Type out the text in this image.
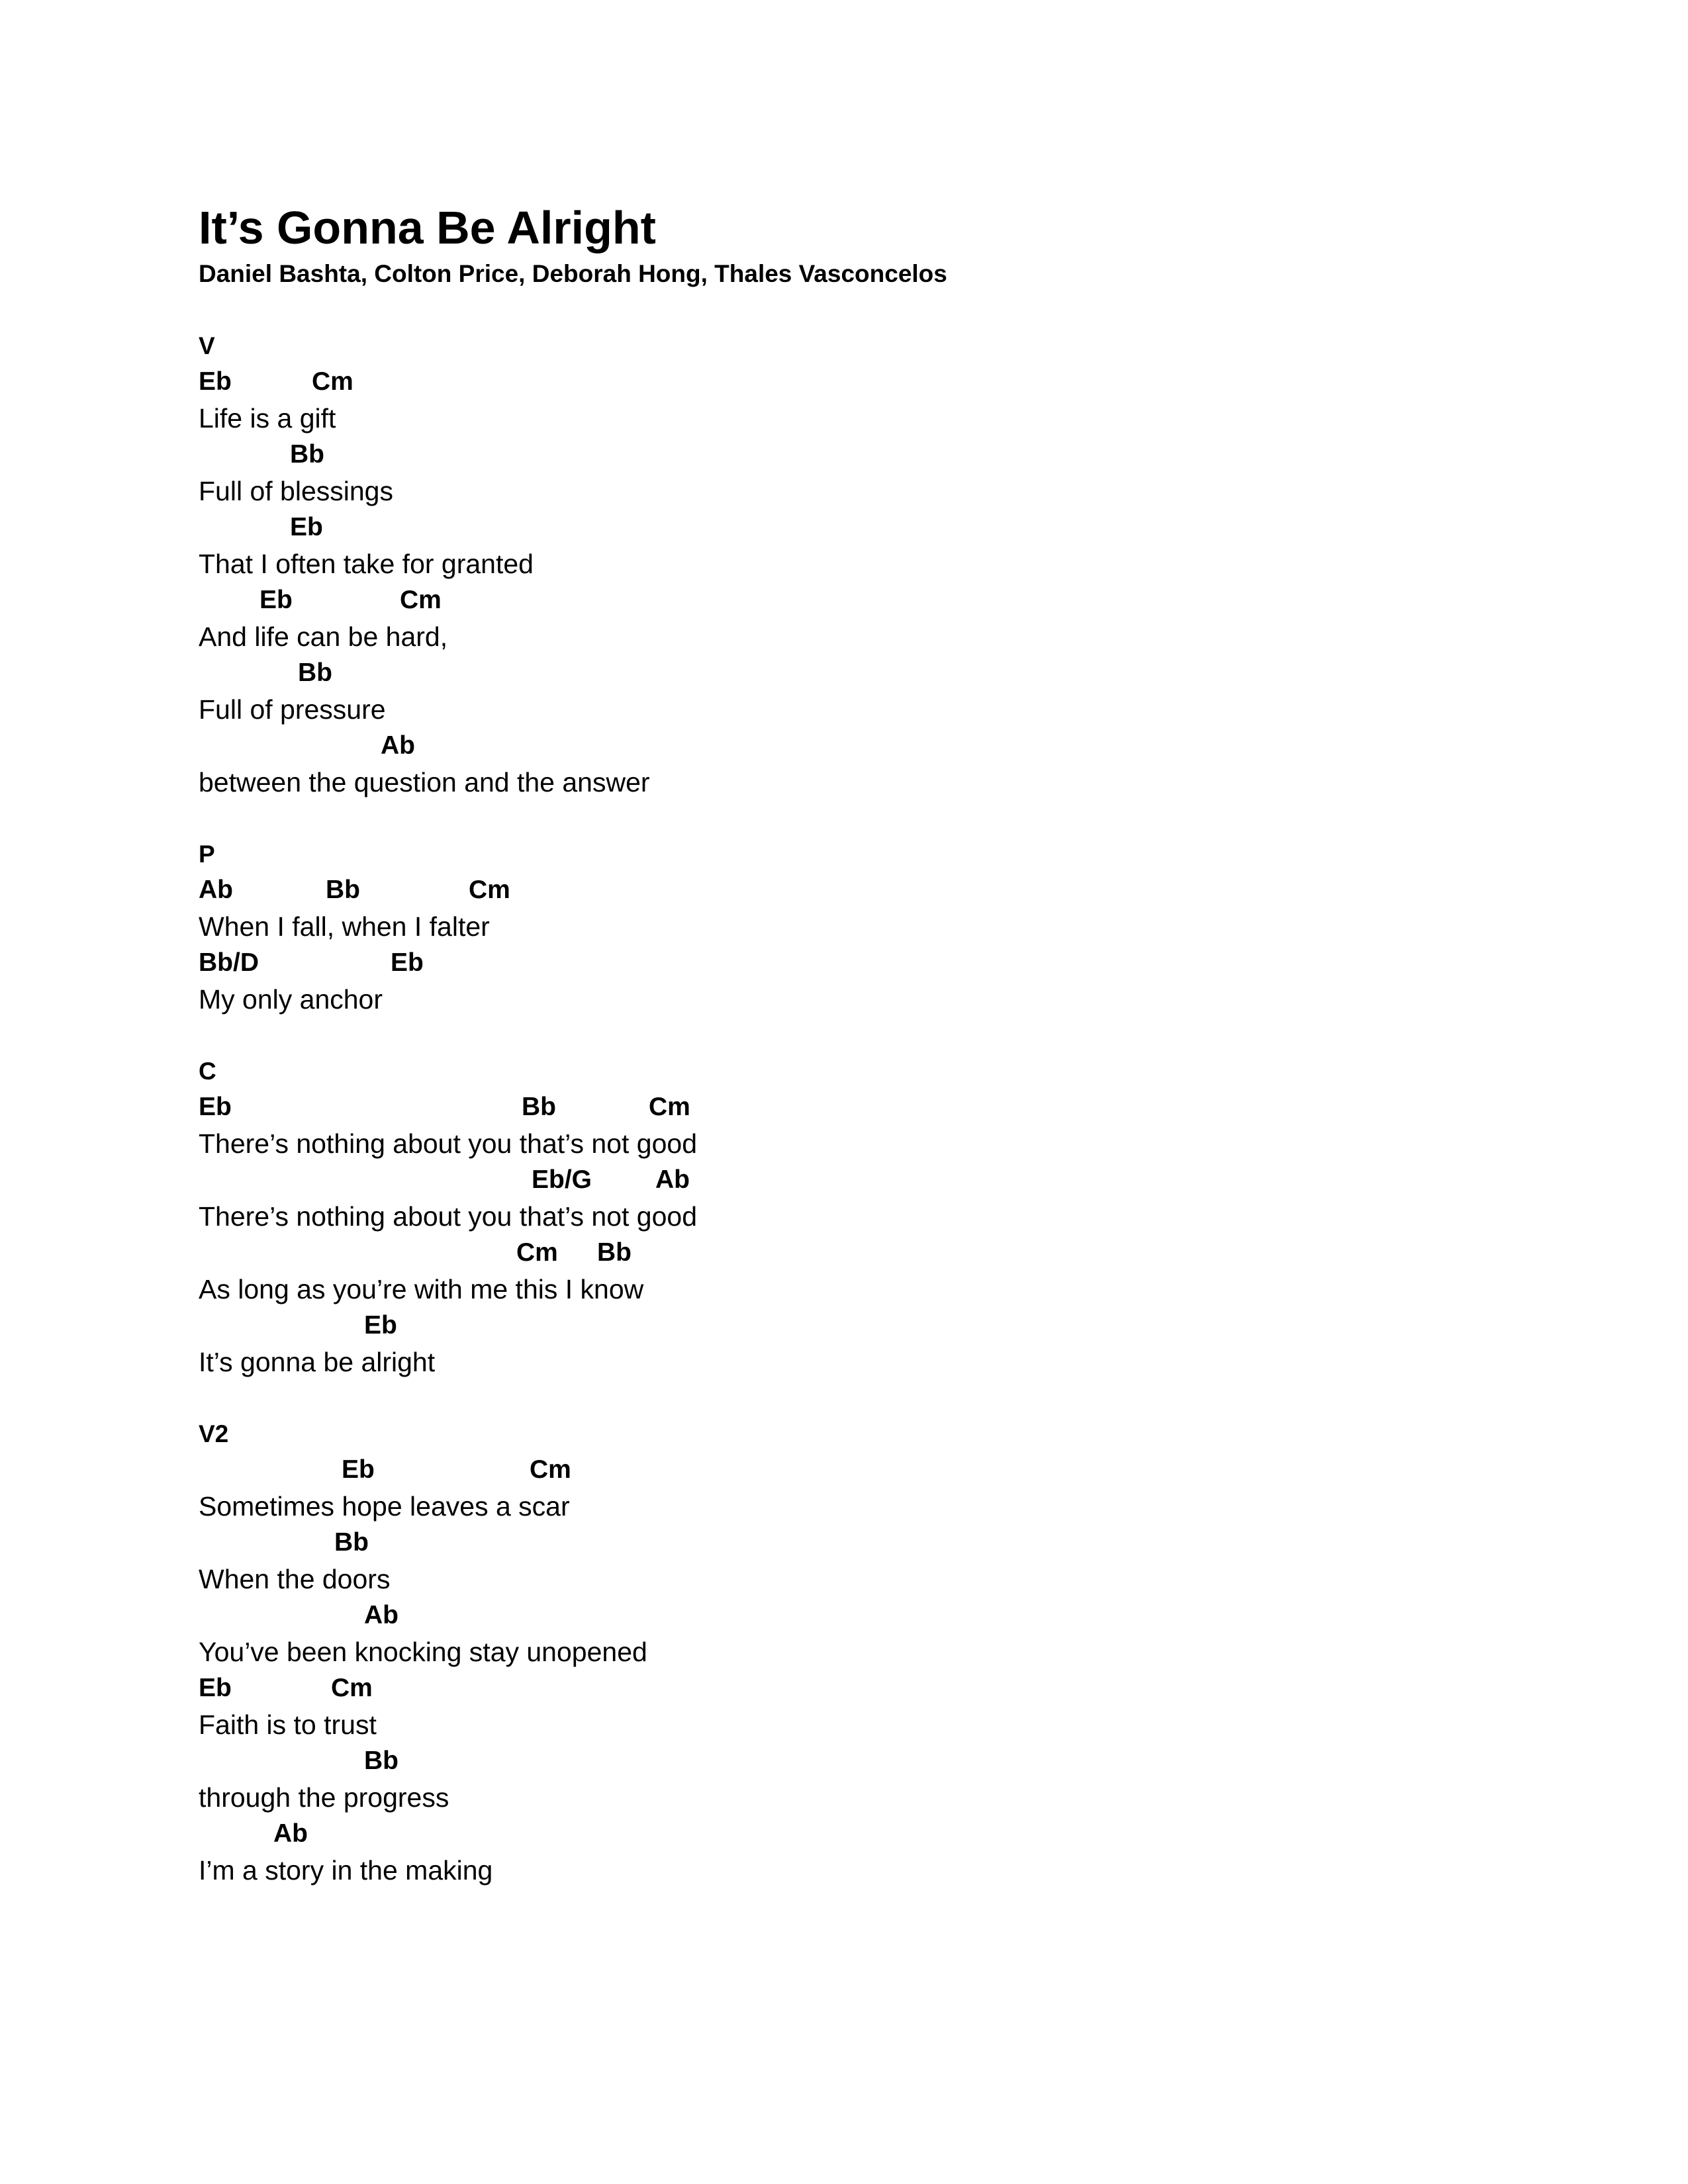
It’s Gonna Be Alright
Daniel Bashta, Colton Price, Deborah Hong, Thales Vasconcelos
V
Eb	Cm
Life is a gift
Bb
Full of blessings
Eb
That I often take for granted
Eb	Cm
And life can be hard,
Bb
Full of pressure
Ab
between the question and the answer
P
Ab	Bb	Cm
When I fall, when I falter
Bb/D	Eb
My only anchor
C
Eb	Bb	Cm
There’s nothing about you that’s not good
Eb/G Ab
There’s nothing about you that’s not good
Cm Bb
As long as you’re with me this I know
Eb
It’s gonna be alright
V2
Eb	Cm
Sometimes hope leaves a scar
Bb
When the doors
Ab
You’ve been knocking stay unopened
Eb	Cm
Faith is to trust
Bb
through the progress
Ab
I’m a story in the making
